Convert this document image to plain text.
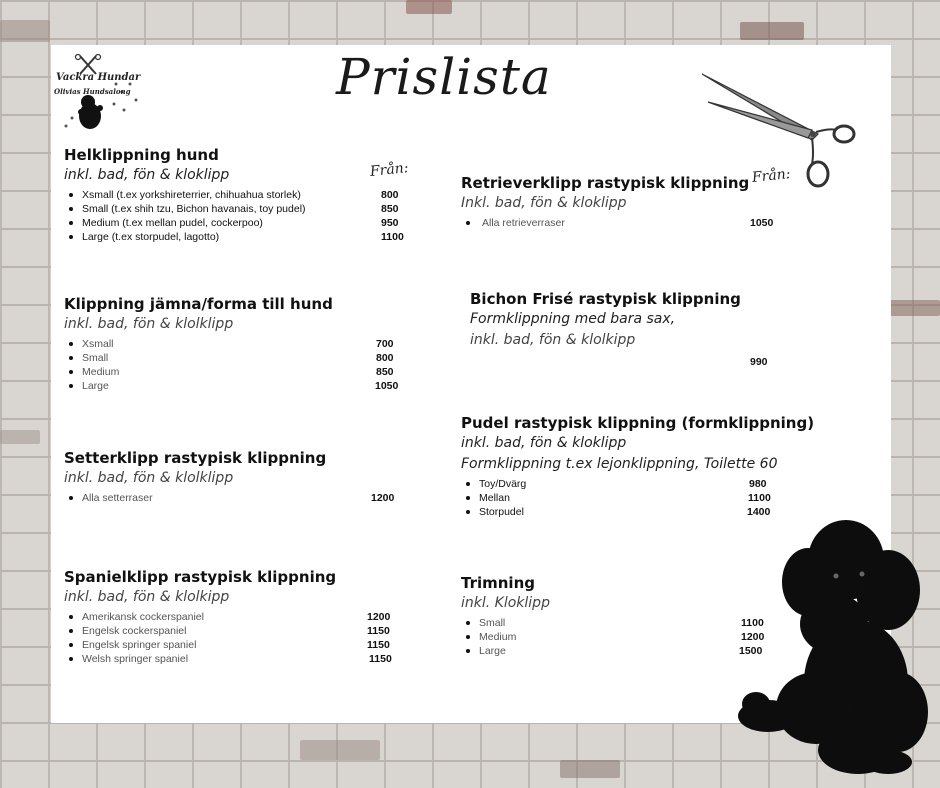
Vackra Hundar
Olivias Hundsalong	Prislista
Från:	Från:
Helklippning hund
inkl. bad, fön & kloklipp
Xsmall (t.ex yorkshireterrier, chihuahua storlek)	800
Small (t.ex shih tzu, Bichon havanais, toy pudel)	850
Medium (t.ex mellan pudel, cockerpoo)	950
Large (t.ex storpudel, lagotto)	1100
Klippning jämna/forma till hund
inkl. bad, fön & klolklipp
Xsmall	700
Small	800
Medium	850
Large	1050
Setterklipp rastypisk klippning
inkl. bad, fön & klolklipp
Alla setterraser	1200
Spanielklipp rastypisk klippning
inkl. bad, fön & klolkipp
Amerikansk cockerspaniel	1200
Engelsk cockerspaniel	1150
Engelsk springer spaniel	1150
Welsh springer spaniel	1150
Retrieverklipp rastypisk klippning
Inkl. bad, fön & kloklipp
Alla retrieverraser	1050
Bichon Frisé rastypisk klippning
Formklippning med bara sax,
inkl. bad, fön & klolkipp
990
Pudel rastypisk klippning (formklippning)
inkl. bad, fön & kloklipp
Formklippning t.ex lejonklippning, Toilette 60
Toy/Dvärg	980
Mellan	1100
Storpudel	1400
Trimning
inkl. Kloklipp
Small	1100
Medium	1200
Large	1500
